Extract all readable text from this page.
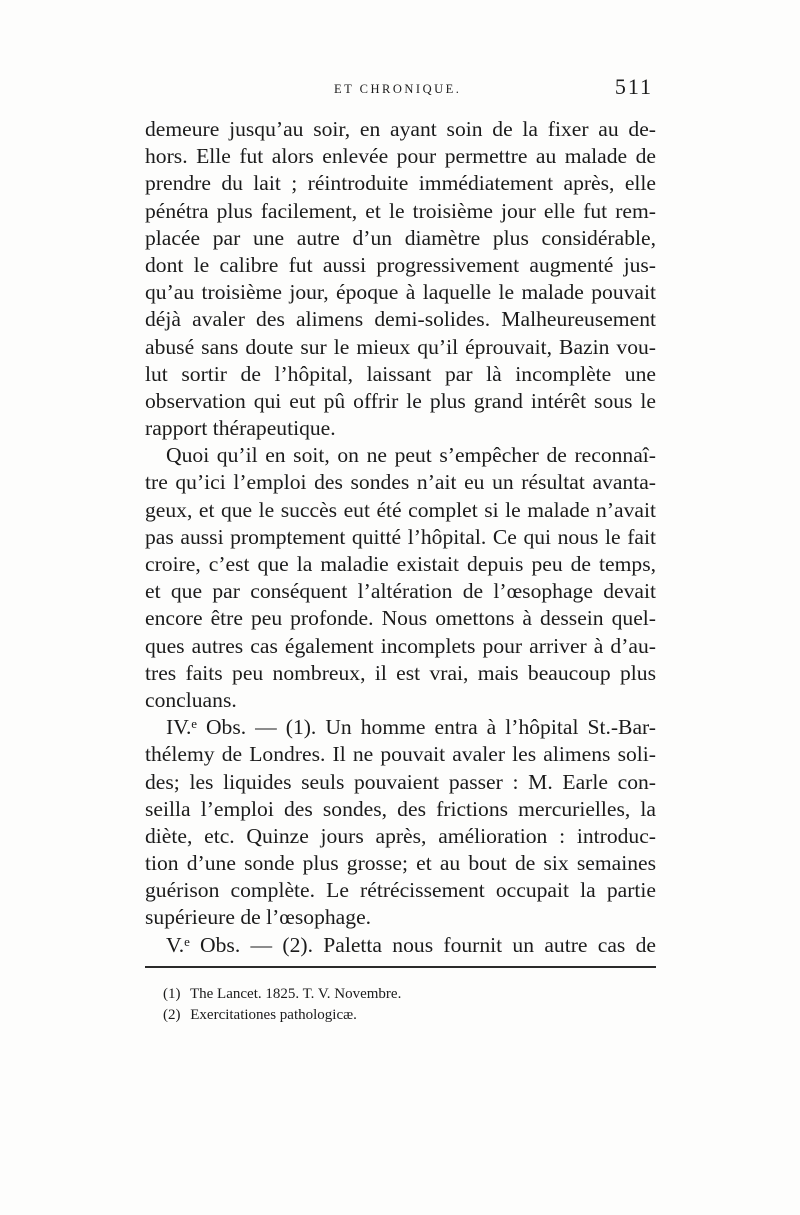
ET CHRONIQUE.	511
demeure jusqu’au soir, en ayant soin de la fixer au de-
hors. Elle fut alors enlevée pour permettre au malade de
prendre du lait ; réintroduite immédiatement après, elle
pénétra plus facilement, et le troisième jour elle fut rem-
placée par une autre d’un diamètre plus considérable,
dont le calibre fut aussi progressivement augmenté jus-
qu’au troisième jour, époque à laquelle le malade pouvait
déjà avaler des alimens demi-solides. Malheureusement
abusé sans doute sur le mieux qu’il éprouvait, Bazin vou-
lut sortir de l’hôpital, laissant par là incomplète une
observation qui eut pû offrir le plus grand intérêt sous le
rapport thérapeutique.
Quoi qu’il en soit, on ne peut s’empêcher de reconnaî-
tre qu’ici l’emploi des sondes n’ait eu un résultat avanta-
geux, et que le succès eut été complet si le malade n’avait
pas aussi promptement quitté l’hôpital. Ce qui nous le fait
croire, c’est que la maladie existait depuis peu de temps,
et que par conséquent l’altération de l’œsophage devait
encore être peu profonde. Nous omettons à dessein quel-
ques autres cas également incomplets pour arriver à d’au-
tres faits peu nombreux, il est vrai, mais beaucoup plus
concluans.
IV.ᵉ Obs. — (1). Un homme entra à l’hôpital St.-Bar-
thélemy de Londres. Il ne pouvait avaler les alimens soli-
des; les liquides seuls pouvaient passer : M. Earle con-
seilla l’emploi des sondes, des frictions mercurielles, la
diète, etc. Quinze jours après, amélioration : introduc-
tion d’une sonde plus grosse; et au bout de six semaines
guérison complète. Le rétrécissement occupait la partie
supérieure de l’œsophage.
V.ᵉ Obs. — (2). Paletta nous fournit un autre cas de
(1) The Lancet. 1825. T. V. Novembre.
(2) Exercitationes pathologicæ.
